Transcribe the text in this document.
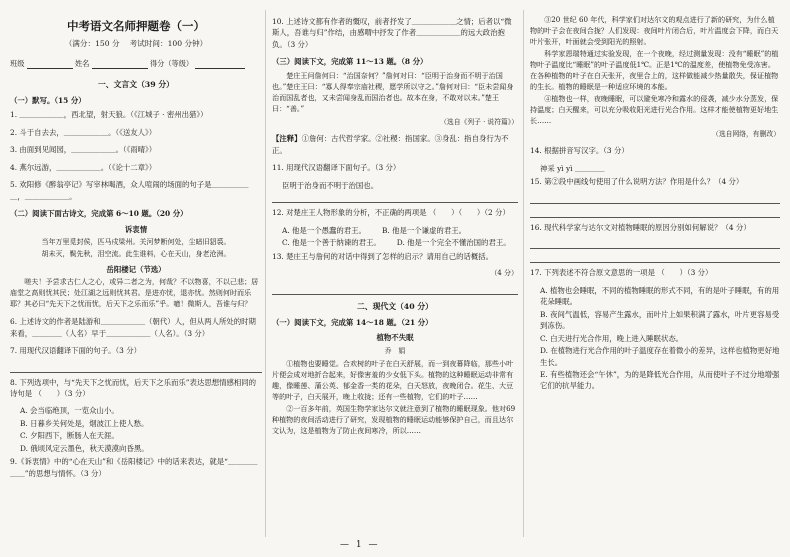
中考语文名师押题卷（一）
（满分：150 分　 考试时间：100 分钟）
班级	姓名	得分（等级）
一、文言文（39 分）
（一）默写。（15 分）
1. ＿＿＿＿＿＿，西北望，射天狼。（《江城子 · 密州出猎》）
2. 斗于自去去，＿＿＿＿＿＿。（《送友人》）
3. 由面到见闻园，＿＿＿＿＿＿。（《雨晴》）
4. 燕尔远游，＿＿＿＿＿＿。（《论十二章》）
5. 欢阳修《醉翁亭记》写宰林喝酒，众人喧闹的场面的句子是＿＿＿＿＿＿，＿＿＿＿＿＿。
（二）阅读下面古诗文，完成第 6～10 题。（20 分）
诉衷情
当年万里觅封侯，匹马戍梁州。关河梦断何处，尘暗旧貂裘。
胡未灭，鬓先秋，泪空流。此生谁料，心在天山，身老沧洲。
岳阳楼记（节选）
嗟夫！予尝求古仁人之心，或异二者之为，何哉？不以物喜，不以己悲；居庙堂之高则忧其民；处江湖之远则忧其君。是进亦忧，退亦忧。然则何时而乐耶？其必曰“先天下之忧而忧，后天下之乐而乐”乎。噫！微斯人，吾谁与归？
6. 上述诗文的作者是陆游和＿＿＿＿＿＿（朝代）人，但从两人所处的时期来看，＿＿＿＿（人名）早于＿＿＿＿＿＿（人名）。（3 分）
7. 用现代汉语翻译下面的句子。（3 分）
8. 下列选项中，与“先天下之忧而忧，后天下之乐而乐”表达思想情感相同的诗句是 （　　）（3 分）
A. 会当临绝顶，一览众山小。
B. 日暮乡关何处是，烟波江上使人愁。
C. 夕阳西下，断肠人在天涯。
D. 俄顷风定云墨色，秋天漠漠向昏黑。
9.《诉衷情》中的“心在天山”和《岳阳楼记》中的话来表达，就是“＿＿＿＿＿＿”的思想与情怀。（3 分）
10. 上述诗文都有作者的慨叹，前者抒发了＿＿＿＿＿＿之情；后者以“微斯人，吾谁与归”作结，由感喟中抒发了作者＿＿＿＿＿＿的远大政治抱负。（3 分）
（三）阅读下文，完成第 11～13 题。（8 分）
楚庄王问詹何曰：“治国奈何？”詹何对曰：“臣明于治身而不明于治国也。”楚庄王曰：“寡人得奉宗庙社稷，愿学所以守之。”詹何对曰：“臣未尝闻身治而国乱者也，又未尝闻身乱而国治者也。故本在身，不敢对以末。”楚王曰：“善。”
（选自《列子 · 说符篇》）
【注释】①詹何：古代哲学家。②社稷：指国家。③身乱：指自身行为不正。
11. 用现代汉语翻译下面句子。（3 分）
臣明于治身而不明于治国也。
12. 对楚庄王人物形象的分析，不正确的两项是 （　　）（　　）（2 分）
A. 他是一个愚蠢的君王。 B. 他是一个谦虚的君王。
C. 他是一个善于纳谏的君王。 D. 他是一个完全不懂治国的君王。
13. 楚庄王与詹何的对话中得到了怎样的启示？请用自己的话概括。
（4 分）
二、现代文（40 分）
（一）阅读下文，完成第 14～18 题。（21 分）
植物不失眠
乔　娟
①植物也要睡觉。合欢树的叶子在白天舒展，而一到夜幕降临，那些小叶片便会成对地折合起来，好像害羞的少女低下头。植物的这种睡眠运动非常有趣，像睡莲、蒲公英、郁金香一类的花朵，白天怒放，夜晚闭合。花生、大豆等的叶子，白天展开，晚上收拢；还有一些植物，它们的叶子……
②一百多年前，英国生物学家达尔文就注意到了植物的睡眠现象。他对69种植物的夜间活动进行了研究，发现植物的睡眠运动能够保护自己，而且达尔文认为，这是植物为了防止夜间寒冷，所以……
③20 世纪 60 年代，科学家们对达尔文的观点进行了新的研究，为什么植物的叶子会在夜间合拢？人们发现：夜间叶片闭合后，叶片温度会下降，而白天叶片张开，叶面就会受到阳光的照射。
科学家恩瑞特通过实验发现，在一个夜晚，经过测量发现：没有“睡眠”的植物叶子温度比“睡眠”的叶子温度低1℃。正是1℃的温度差，使植物免受冻害。在各种植物的叶子在白天张开，夜里合上的，这样做能减少热量散失，保证植物的生长。植物的睡眠是一种适应环境的本能。
④植物也一样，夜晚睡眠，可以避免寒冷和露水的侵袭，减少水分蒸发，保持温度；白天醒来，可以充分吸收阳光进行光合作用。这样才能使植物更好地生长……
（选自网络，有删改）
14. 根据拼音写汉字。（3 分）
神采 yì yì ＿＿＿＿
15. 第②段中画线句使用了什么说明方法？作用是什么？（4 分）
16. 现代科学家与达尔文对植物睡眠的原因分别如何解说？（4 分）
17. 下列表述不符合原文意思的一项是 （　　）（3 分）
A. 植物也会睡眠，不同的植物睡眠的形式不同，有的是叶子睡眠，有的用花朵睡眠。
B. 夜间气温低，容易产生露水，而叶片上如果积满了露水，叶片更容易受到冻伤。
C. 白天进行光合作用，晚上进入睡眠状态。
D. 在植物进行光合作用的叶子温度存在着微小的差异，这样也植物更好地生长。
E. 有些植物还会“午休”，为的是降低光合作用，从而使叶子不过分地增强它们的抗旱能力。
— 1 —
